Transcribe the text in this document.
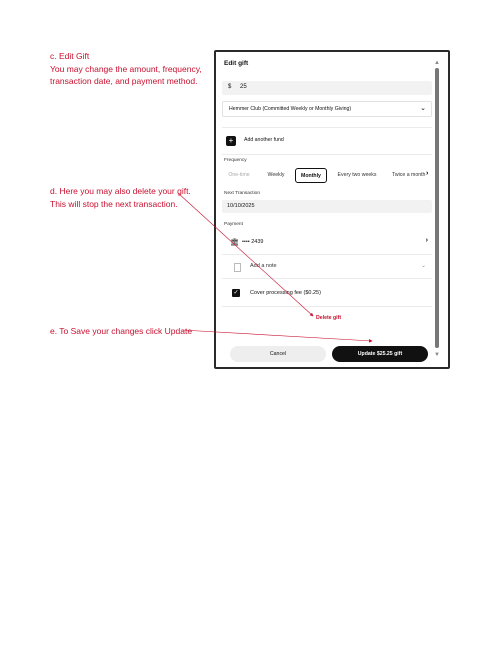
c. Edit Gift
You may change the amount, frequency,
transaction date, and payment method.
d. Here you may also delete your gift.
This will stop the next transaction.
e. To Save your changes click Update
Edit gift
$ 25
Hemmer Club (Committed Weekly or Monthly Giving)	⌄
+	Add another fund
Frequency
One-time	Weekly	Monthly	Every two weeks	Twice a month ›
Next Transaction
10/10/2025
Payment
🏛 •••• 2439	›
Add a note	⌄
✓ Cover processing fee ($0.25)
Delete gift
Cancel	Update $25.25 gift
▲
▼
